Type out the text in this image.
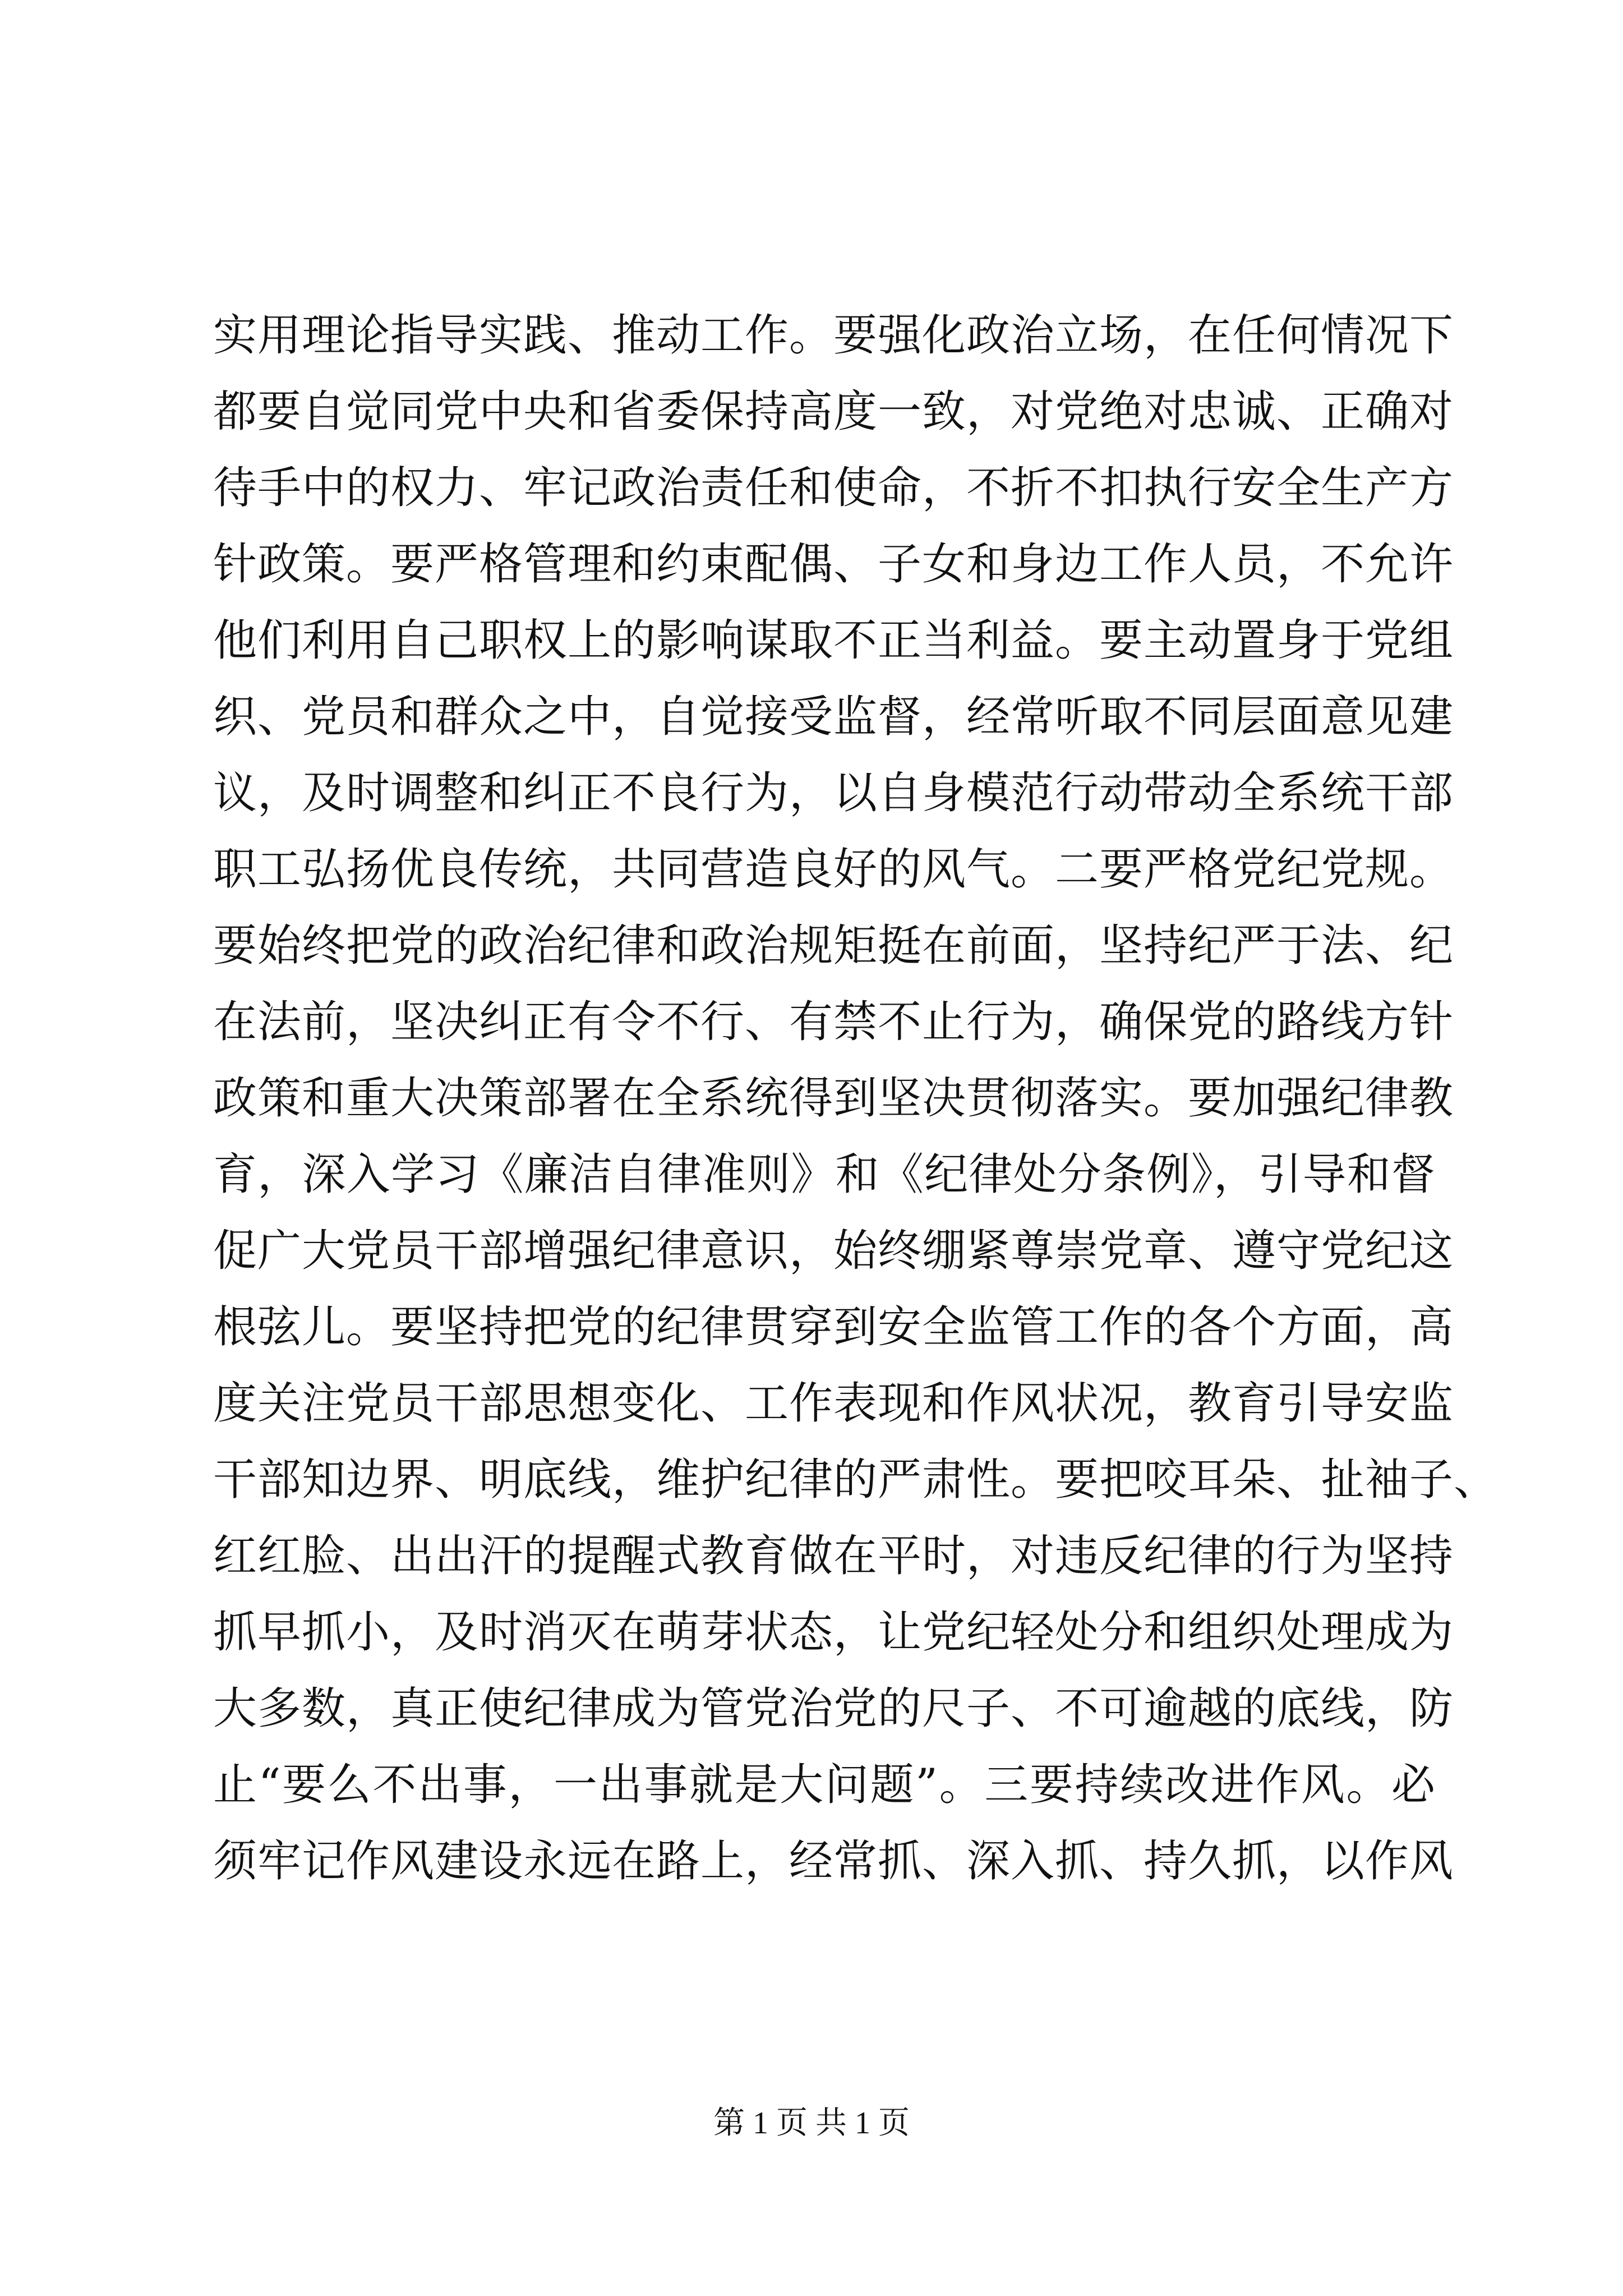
实用理论指导实践、推动工作。要强化政治立场，在任何情况下
都要自觉同党中央和省委保持高度一致，对党绝对忠诚、正确对
待手中的权力、牢记政治责任和使命，不折不扣执行安全生产方
针政策。要严格管理和约束配偶、子女和身边工作人员，不允许
他们利用自己职权上的影响谋取不正当利益。要主动置身于党组
织、党员和群众之中，自觉接受监督，经常听取不同层面意见建
议，及时调整和纠正不良行为，以自身模范行动带动全系统干部
职工弘扬优良传统，共同营造良好的风气。二要严格党纪党规。
要始终把党的政治纪律和政治规矩挺在前面，坚持纪严于法、纪
在法前，坚决纠正有令不行、有禁不止行为，确保党的路线方针
政策和重大决策部署在全系统得到坚决贯彻落实。要加强纪律教
育，深入学习《廉洁自律准则》和《纪律处分条例》，引导和督
促广大党员干部增强纪律意识，始终绷紧尊崇党章、遵守党纪这
根弦儿。要坚持把党的纪律贯穿到安全监管工作的各个方面，高
度关注党员干部思想变化、工作表现和作风状况，教育引导安监
干部知边界、明底线，维护纪律的严肃性。要把咬耳朵、扯袖子、
红红脸、出出汗的提醒式教育做在平时，对违反纪律的行为坚持
抓早抓小，及时消灭在萌芽状态，让党纪轻处分和组织处理成为
大多数，真正使纪律成为管党治党的尺子、不可逾越的底线，防
止“要么不出事，一出事就是大问题”。三要持续改进作风。必
须牢记作风建设永远在路上，经常抓、深入抓、持久抓，以作风
第 1 页 共 1 页
